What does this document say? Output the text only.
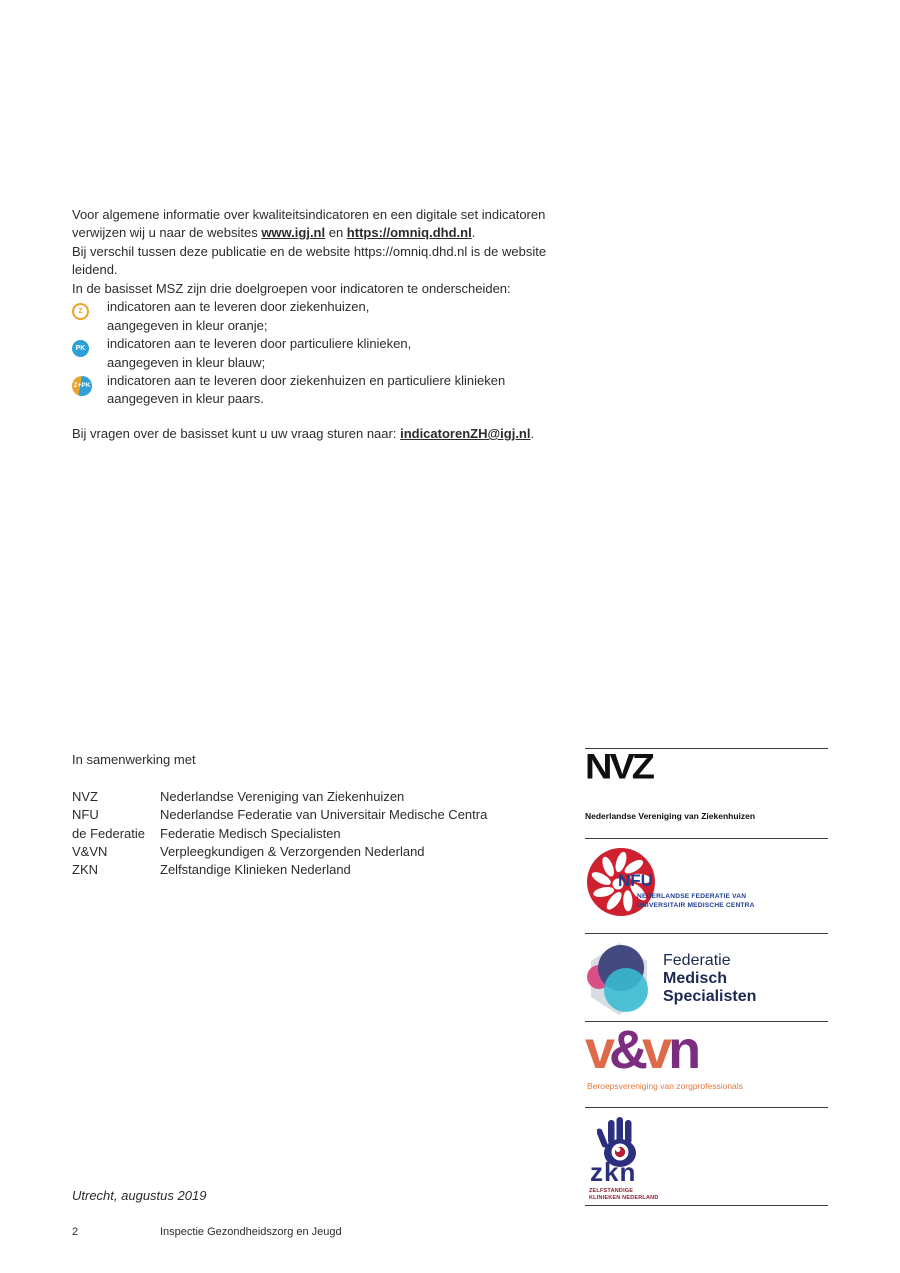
Voor algemene informatie over kwaliteitsindicatoren en een digitale set indicatoren
verwijzen wij u naar de websites www.igj.nl en https://omniq.dhd.nl.
Bij verschil tussen deze publicatie en de website https://omniq.dhd.nl is de website leidend.
In de basisset MSZ zijn drie doelgroepen voor indicatoren te onderscheiden:
Z	indicatoren aan te leveren door ziekenhuizen,
aangegeven in kleur oranje;
PK	indicatoren aan te leveren door particuliere klinieken,
aangegeven in kleur blauw;
Z+PK	indicatoren aan te leveren door ziekenhuizen en particuliere klinieken
aangegeven in kleur paars.
Bij vragen over de basisset kunt u uw vraag sturen naar: indicatorenZH@igj.nl.
In samenwerking met
NVZ	Nederlandse Vereniging van Ziekenhuizen
NFU	Nederlandse Federatie van Universitair Medische Centra
de Federatie	Federatie Medisch Specialisten
V&VN	Verpleegkundigen & Verzorgenden Nederland
ZKN	Zelfstandige Klinieken Nederland
NVZ
Nederlandse Vereniging van Ziekenhuizen
NFU
NEDERLANDSE FEDERATIE VAN
UNIVERSITAIR MEDISCHE CENTRA
Federatie
Medisch
Specialisten
v&vn
Beroepsvereniging van zorgprofessionals
zkn
ZELFSTANDIGE
KLINIEKEN NEDERLAND
Utrecht, augustus 2019
2	Inspectie Gezondheidszorg en Jeugd
